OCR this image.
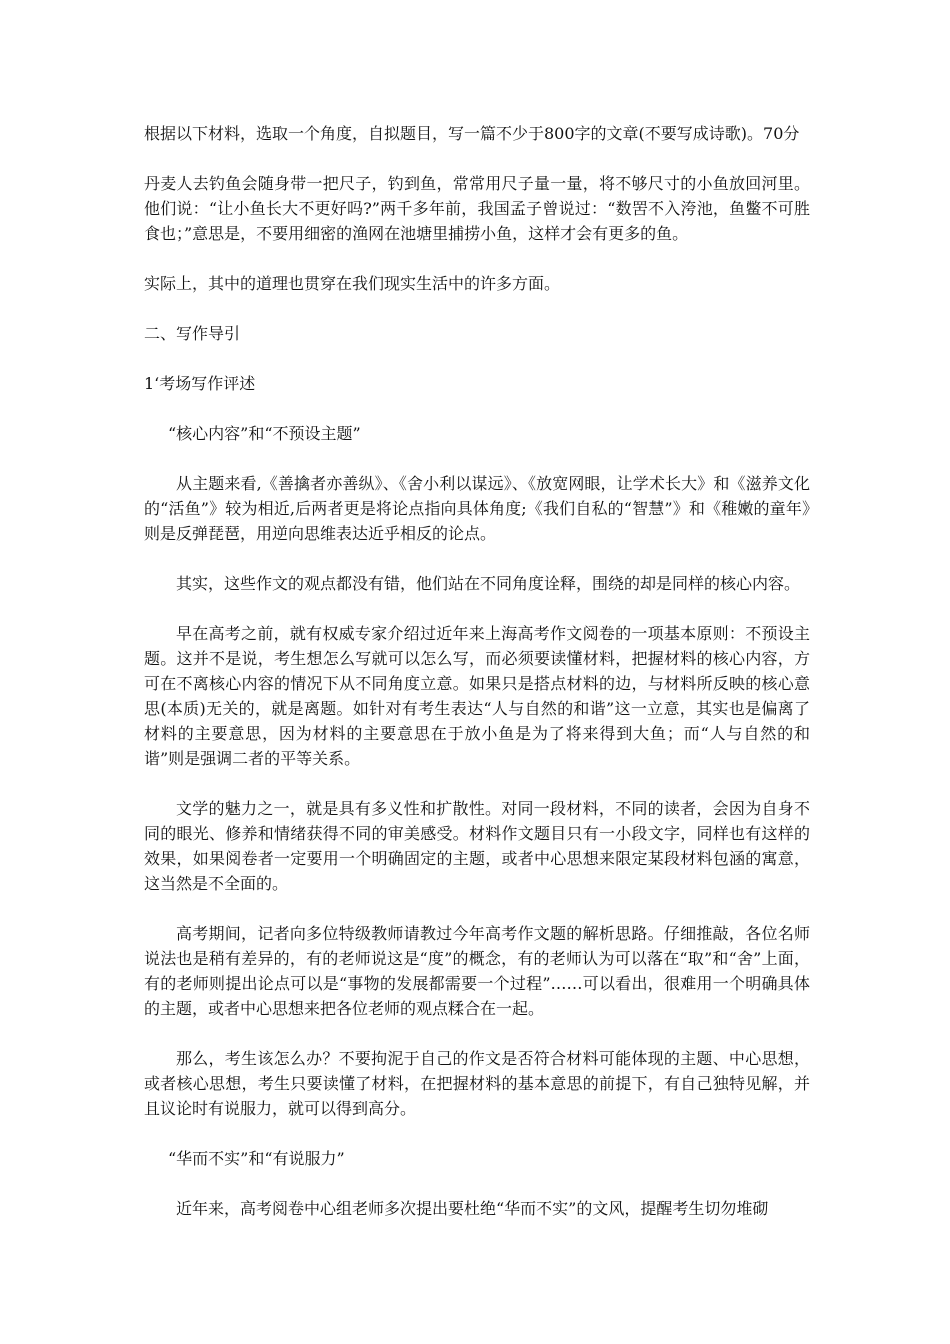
根据以下材料，选取一个角度，自拟题目，写一篇不少于800字的文章(不要写成诗歌)。70分

丹麦人去钓鱼会随身带一把尺子，钓到鱼，常常用尺子量一量，将不够尺寸的小鱼放回河里。他们说：“让小鱼长大不更好吗?”两千多年前，我国孟子曾说过：“数罟不入洿池，鱼鳖不可胜食也；”意思是，不要用细密的渔网在池塘里捕捞小鱼，这样才会有更多的鱼。

实际上，其中的道理也贯穿在我们现实生活中的许多方面。

二、写作导引

1‘考场写作评述

“核心内容”和“不预设主题”

从主题来看,《善擒者亦善纵》、《舍小利以谋远》、《放宽网眼，让学术长大》和《滋养文化的“活鱼”》较为相近,后两者更是将论点指向具体角度;《我们自私的“智慧”》和《稚嫩的童年》则是反弹琵琶，用逆向思维表达近乎相反的论点。

其实，这些作文的观点都没有错，他们站在不同角度诠释，围绕的却是同样的核心内容。

早在高考之前，就有权威专家介绍过近年来上海高考作文阅卷的一项基本原则：不预设主题。这并不是说，考生想怎么写就可以怎么写，而必须要读懂材料，把握材料的核心内容，方可在不离核心内容的情况下从不同角度立意。如果只是搭点材料的边，与材料所反映的核心意思(本质)无关的，就是离题。如针对有考生表达“人与自然的和谐”这一立意，其实也是偏离了材料的主要意思，因为材料的主要意思在于放小鱼是为了将来得到大鱼；而“人与自然的和谐”则是强调二者的平等关系。

文学的魅力之一，就是具有多义性和扩散性。对同一段材料，不同的读者，会因为自身不同的眼光、修养和情绪获得不同的审美感受。材料作文题目只有一小段文字，同样也有这样的效果，如果阅卷者一定要用一个明确固定的主题，或者中心思想来限定某段材料包涵的寓意，这当然是不全面的。

高考期间，记者向多位特级教师请教过今年高考作文题的解析思路。仔细推敲，各位名师说法也是稍有差异的，有的老师说这是“度”的概念，有的老师认为可以落在“取”和“舍”上面，有的老师则提出论点可以是“事物的发展都需要一个过程”……可以看出，很难用一个明确具体的主题，或者中心思想来把各位老师的观点糅合在一起。

那么，考生该怎么办？不要拘泥于自己的作文是否符合材料可能体现的主题、中心思想，或者核心思想，考生只要读懂了材料，在把握材料的基本意思的前提下，有自己独特见解，并且议论时有说服力，就可以得到高分。

“华而不实”和“有说服力”

近年来，高考阅卷中心组老师多次提出要杜绝“华而不实”的文风，提醒考生切勿堆砌
